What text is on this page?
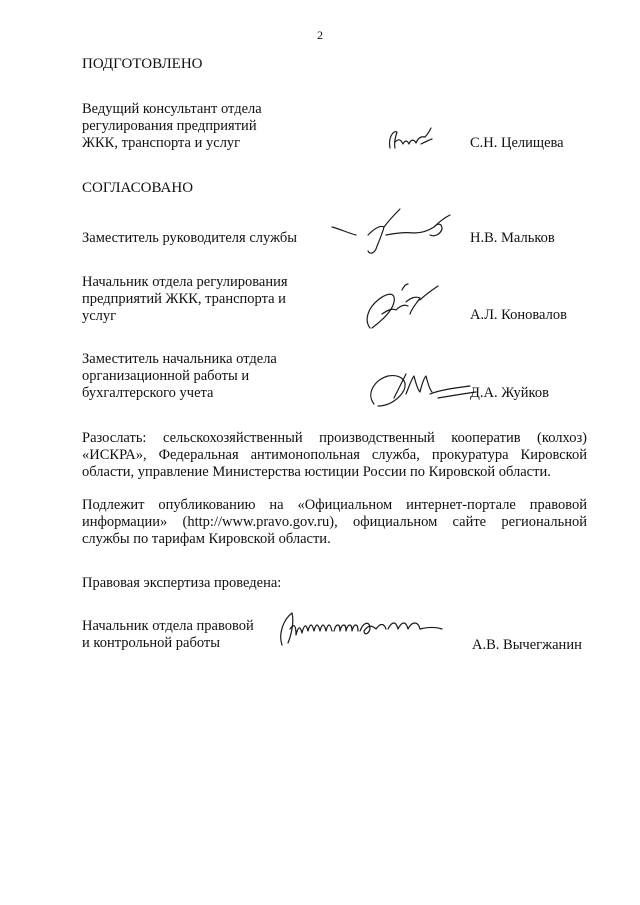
2
ПОДГОТОВЛЕНО
Ведущий консультант отдела
регулирования предприятий
ЖКК, транспорта и услуг	С.Н. Целищева
СОГЛАСОВАНО
Заместитель руководителя службы	Н.В. Мальков
Начальник отдела регулирования
предприятий ЖКК, транспорта и
услуг	А.Л. Коновалов
Заместитель начальника отдела
организационной работы и
бухгалтерского учета	Д.А. Жуйков
Разослать: сельскохозяйственный производственный кооператив (колхоз) «ИСКРА», Федеральная антимонопольная служба, прокуратура Кировской области, управление Министерства юстиции России по Кировской области.
Подлежит опубликованию на «Официальном интернет-портале правовой информации» (http://www.pravo.gov.ru), официальном сайте региональной службы по тарифам Кировской области.
Правовая экспертиза проведена:
Начальник отдела правовой
и контрольной работы	А.В. Вычегжанин
